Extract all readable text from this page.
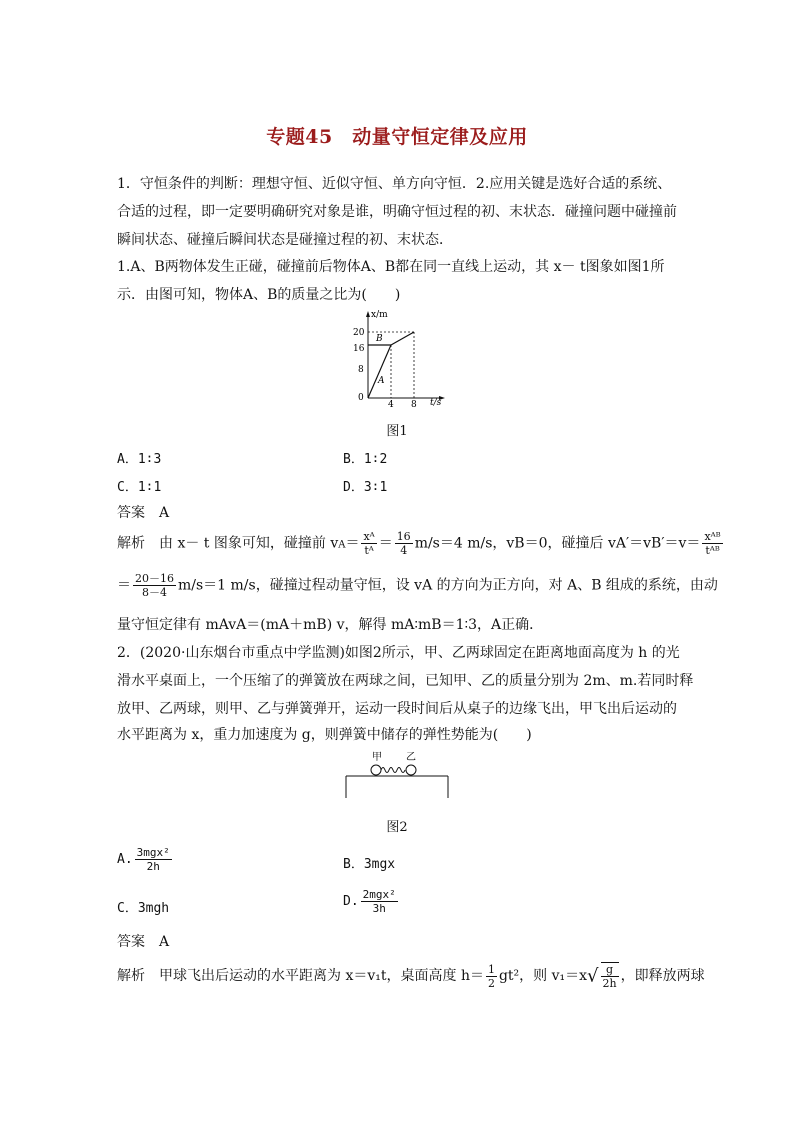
专题45　动量守恒定律及应用
1．守恒条件的判断：理想守恒、近似守恒、单方向守恒．2.应用关键是选好合适的系统、合适的过程，即一定要明确研究对象是谁，明确守恒过程的初、末状态．碰撞问题中碰撞前瞬间状态、碰撞后瞬间状态是碰撞过程的初、末状态．
1.A、B两物体发生正碰，碰撞前后物体A、B都在同一直线上运动，其 x－ t图象如图1所
示．由图可知，物体A、B的质量之比为(　　)
x/m
t/s
20
16
8
0
4 8
B
A
图1
A．1∶3	B．1∶2
C．1∶1	D．3∶1
答案　A
解析　由 x－ t 图象可知，碰撞前 $vA= \frac{\text{xᴬ}}{\text{tᴬ}} = \frac{16}{4} m/s=4$ m/s，vB＝0，碰撞后 $vA'=vB'=v= \frac{\text{xᴬᴮ}}{\text{tᴬᴮ}}$
＝ $\frac{20-16}{8-4} m/s=1$ m/s，碰撞过程动量守恒，设 vA 的方向为正方向，对 A、B 组成的系统，由动
量守恒定律有 mAvA＝(mA＋mB) v，解得 mA∶mB＝1∶3，A正确．
2．(2020·山东烟台市重点中学监测)如图2所示，甲、乙两球固定在距离地面高度为 h 的光
滑水平桌面上，一个压缩了的弹簧放在两球之间，已知甲、乙的质量分别为 2m、m.若同时释
放甲、乙两球，则甲、乙与弹簧弹开，运动一段时间后从桌子的边缘飞出，甲飞出后运动的
水平距离为 x，重力加速度为 g，则弹簧中储存的弹性势能为(　　)
甲 乙
图2
A. $\frac{\text{3mgx²}}{2h}$	B．3mgx
C．3mgh	D. $\frac{\text{2mgx²}}{3h}$
答案　A
解析　甲球飞出后运动的水平距离为 x＝v₁t，桌面高度 $h= \frac{1}{2} gt^2$，则 $v_1=x√ \frac{g}{2h}$ ，即释放两球
